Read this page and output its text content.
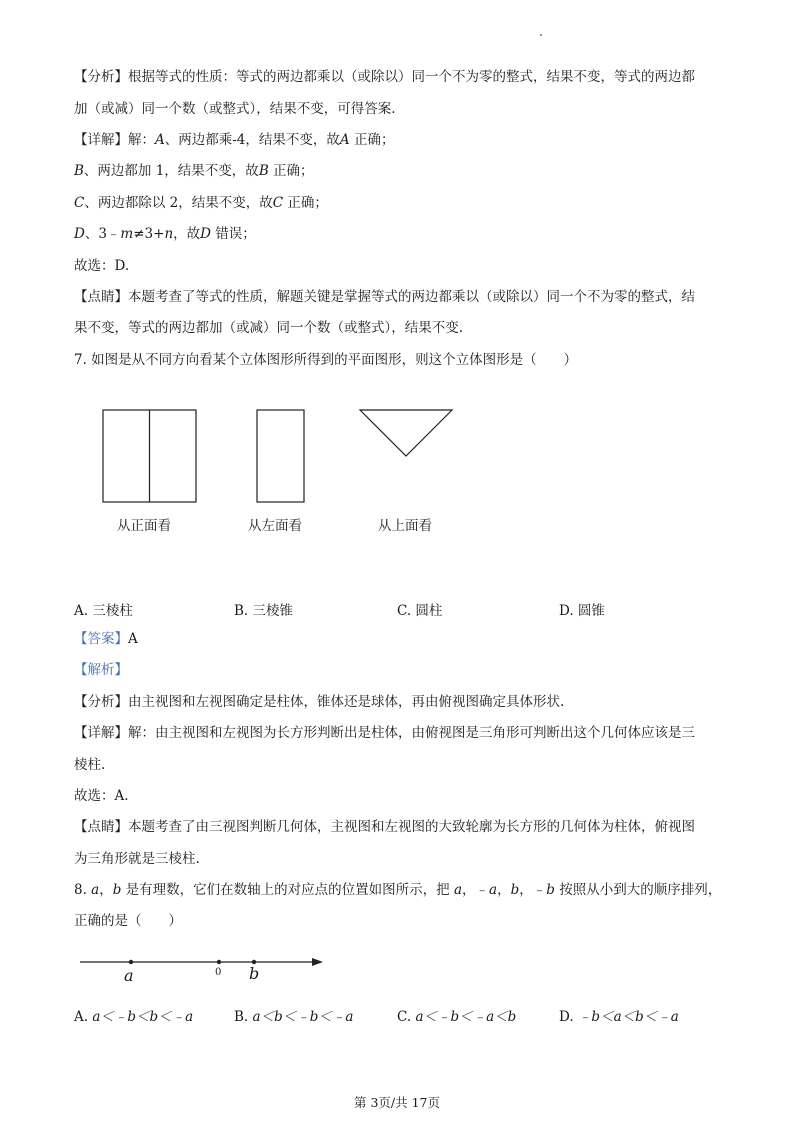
【分析】根据等式的性质：等式的两边都乘以（或除以）同一个不为零的整式，结果不变，等式的两边都
加（或减）同一个数（或整式），结果不变，可得答案.
【详解】解：A、两边都乘-4，结果不变，故A 正确；
B、两边都加 1，结果不变，故B 正确；
C、两边都除以 2，结果不变，故C 正确；
D、3﹣m≠3+n，故D 错误；
故选：D.
【点睛】本题考查了等式的性质，解题关键是掌握等式的两边都乘以（或除以）同一个不为零的整式，结
果不变，等式的两边都加（或减）同一个数（或整式），结果不变.
7. 如图是从不同方向看某个立体图形所得到的平面图形，则这个立体图形是（　　）
从正面看	从左面看	从上面看
A. 三棱柱	B. 三棱锥	C. 圆柱	D. 圆锥
【答案】A
【解析】
【分析】由主视图和左视图确定是柱体，锥体还是球体，再由俯视图确定具体形状.
【详解】解：由主视图和左视图为长方形判断出是柱体，由俯视图是三角形可判断出这个几何体应该是三
棱柱.
故选：A.
【点睛】本题考查了由三视图判断几何体，主视图和左视图的大致轮廓为长方形的几何体为柱体，俯视图
为三角形就是三棱柱.
8. a，b 是有理数，它们在数轴上的对应点的位置如图所示，把 a，﹣a，b，﹣b 按照从小到大的顺序排列，
正确的是（　　）
a	0 b
A. a＜﹣b＜b＜﹣a	B. a＜b＜﹣b＜﹣a	C. a＜﹣b＜﹣a＜b	D. ﹣b＜a＜b＜﹣a
第 3页/共 17页
